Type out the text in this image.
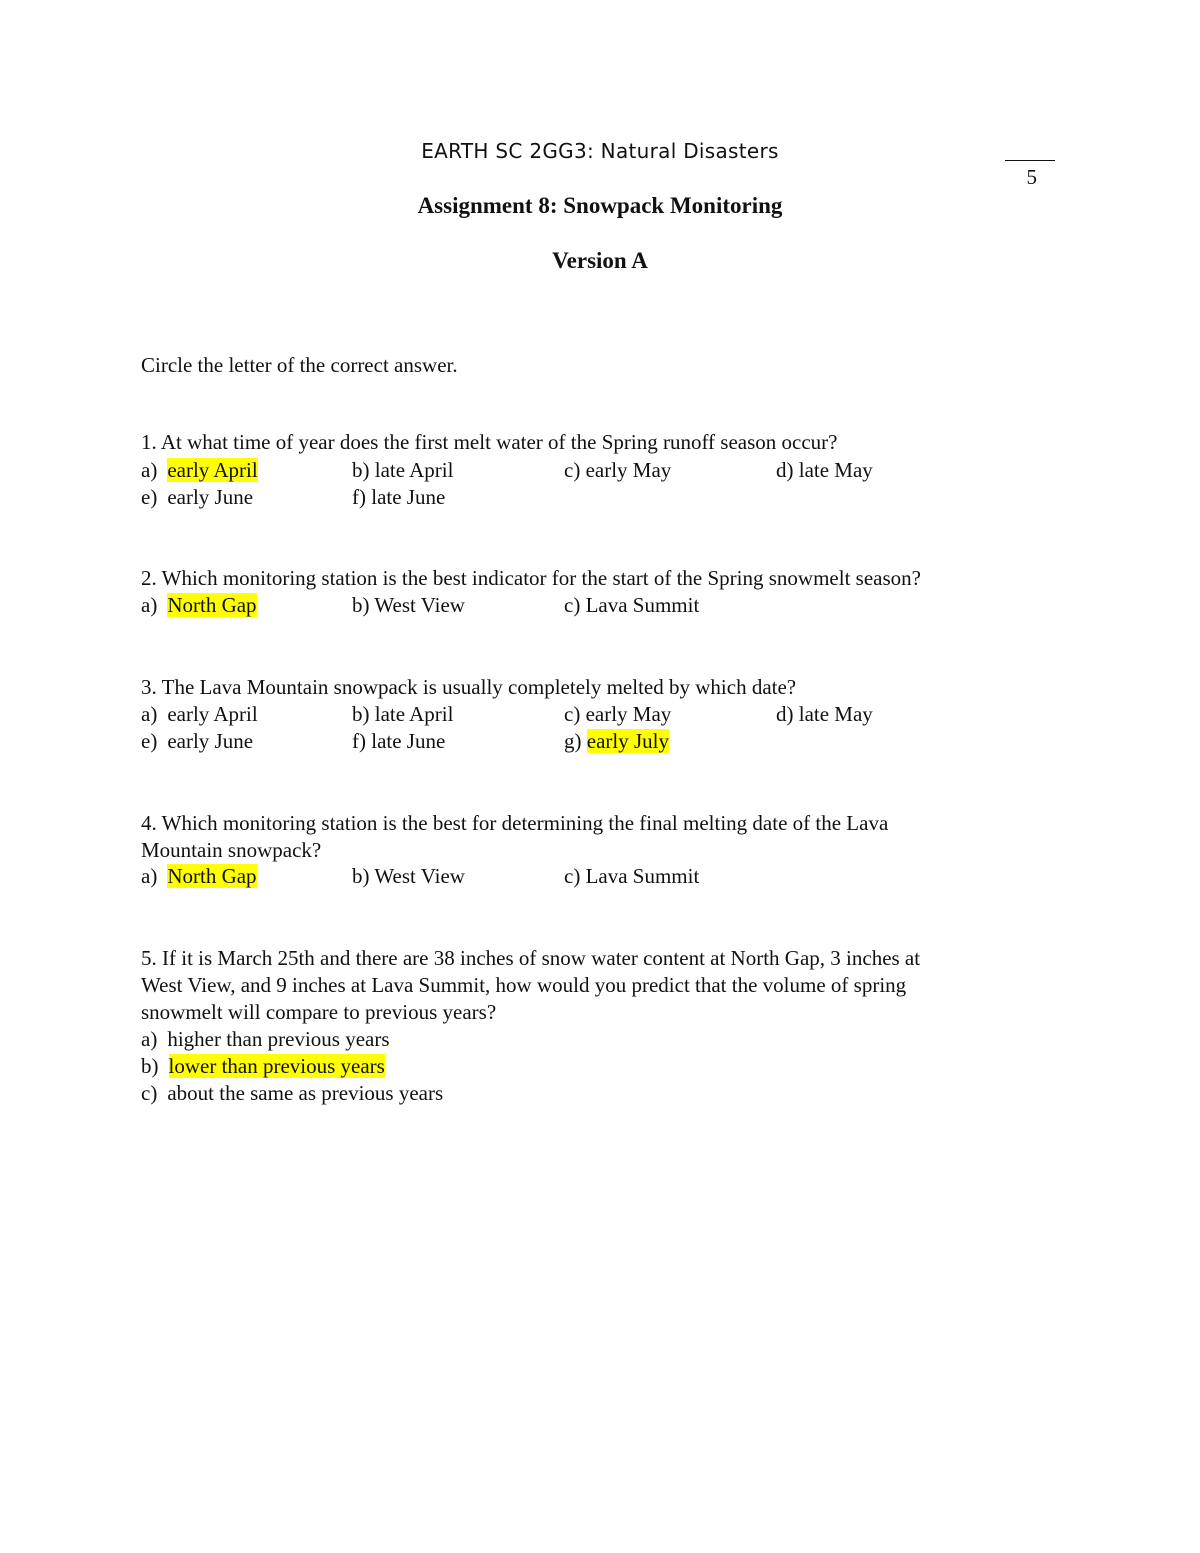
EARTH SC 2GG3: Natural Disasters
5
Assignment 8: Snowpack Monitoring
Version A
Circle the letter of the correct answer.
1. At what time of year does the first melt water of the Spring runoff season occur?
a) early April	b) late April	c) early May	d) late May
e) early June	f) late June
2. Which monitoring station is the best indicator for the start of the Spring snowmelt season?
a) North Gap	b) West View	c) Lava Summit
3. The Lava Mountain snowpack is usually completely melted by which date?
a) early April	b) late April	c) early May	d) late May
e) early June	f) late June	g) early July
4. Which monitoring station is the best for determining the final melting date of the Lava
Mountain snowpack?
a) North Gap	b) West View	c) Lava Summit
5. If it is March 25th and there are 38 inches of snow water content at North Gap, 3 inches at
West View, and 9 inches at Lava Summit, how would you predict that the volume of spring
snowmelt will compare to previous years?
a) higher than previous years
b) lower than previous years
c) about the same as previous years
